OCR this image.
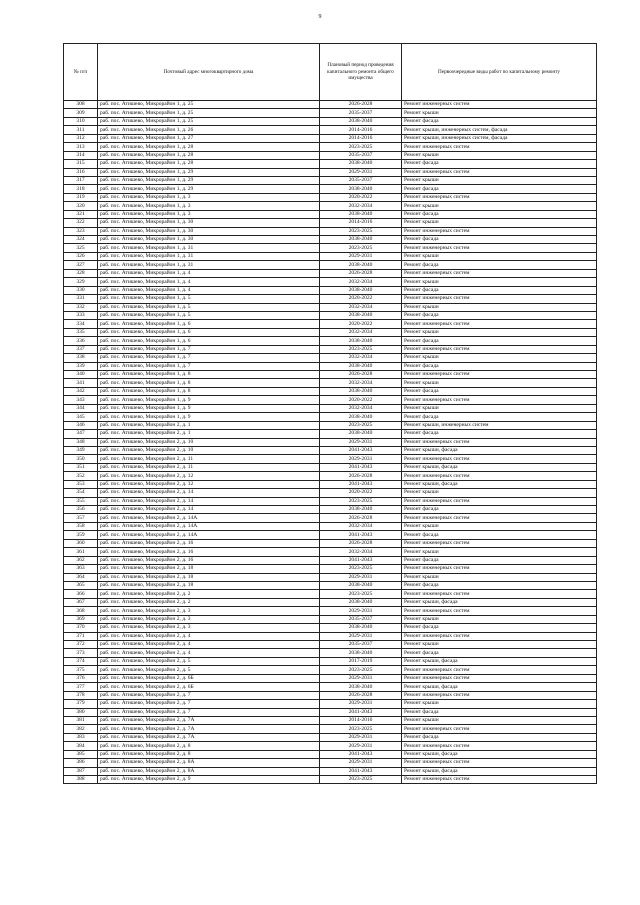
9
№ п/п	Почтовый адрес многоквартирного дома	Плановый период проведения капитального ремонта общего имущества	Первоочередные виды работ по капитальному ремонту
308	раб. пос. Атишево, Микрорайон 1, д. 25	2026-2028	Ремонт инженерных систем
309	раб. пос. Атишево, Микрорайон 1, д. 25	2035-2037	Ремонт крыши
310	раб. пос. Атишево, Микрорайон 1, д. 25	2038-2040	Ремонт фасада
311	раб. пос. Атишево, Микрорайон 1, д. 26	2014-2016	Ремонт крыши, инженерных систем, фасада
312	раб. пос. Атишево, Микрорайон 1, д. 27	2014-2016	Ремонт крыши, инженерных систем, фасада
313	раб. пос. Атишево, Микрорайон 1, д. 28	2023-2025	Ремонт инженерных систем
314	раб. пос. Атишево, Микрорайон 1, д. 28	2035-2037	Ремонт крыши
315	раб. пос. Атишево, Микрорайон 1, д. 28	2038-2040	Ремонт фасада
316	раб. пос. Атишево, Микрорайон 1, д. 29	2029-2031	Ремонт инженерных систем
317	раб. пос. Атишево, Микрорайон 1, д. 29	2035-2037	Ремонт крыши
318	раб. пос. Атишево, Микрорайон 1, д. 29	2038-2040	Ремонт фасада
319	раб. пос. Атишево, Микрорайон 1, д. 3	2020-2022	Ремонт инженерных систем
320	раб. пос. Атишево, Микрорайон 1, д. 3	2032-2034	Ремонт крыши
321	раб. пос. Атишево, Микрорайон 1, д. 3	2038-2040	Ремонт фасада
322	раб. пос. Атишево, Микрорайон 1, д. 30	2014-2016	Ремонт крыши
323	раб. пос. Атишево, Микрорайон 1, д. 30	2023-2025	Ремонт инженерных систем
324	раб. пос. Атишево, Микрорайон 1, д. 30	2038-2040	Ремонт фасада
325	раб. пос. Атишево, Микрорайон 1, д. 31	2023-2025	Ремонт инженерных систем
326	раб. пос. Атишево, Микрорайон 1, д. 31	2029-2031	Ремонт крыши
327	раб. пос. Атишево, Микрорайон 1, д. 31	2038-2040	Ремонт фасада
328	раб. пос. Атишево, Микрорайон 1, д. 4	2026-2028	Ремонт инженерных систем
329	раб. пос. Атишево, Микрорайон 1, д. 4	2032-2034	Ремонт крыши
330	раб. пос. Атишево, Микрорайон 1, д. 4	2038-2040	Ремонт фасада
331	раб. пос. Атишево, Микрорайон 1, д. 5	2020-2022	Ремонт инженерных систем
332	раб. пос. Атишево, Микрорайон 1, д. 5	2032-2034	Ремонт крыши
333	раб. пос. Атишево, Микрорайон 1, д. 5	2038-2040	Ремонт фасада
334	раб. пос. Атишево, Микрорайон 1, д. 6	2020-2022	Ремонт инженерных систем
335	раб. пос. Атишево, Микрорайон 1, д. 6	2032-2034	Ремонт крыши
336	раб. пос. Атишево, Микрорайон 1, д. 6	2038-2040	Ремонт фасада
337	раб. пос. Атишево, Микрорайон 1, д. 7	2023-2025	Ремонт инженерных систем
338	раб. пос. Атишево, Микрорайон 1, д. 7	2032-2034	Ремонт крыши
339	раб. пос. Атишево, Микрорайон 1, д. 7	2038-2040	Ремонт фасада
340	раб. пос. Атишево, Микрорайон 1, д. 8	2026-2028	Ремонт инженерных систем
341	раб. пос. Атишево, Микрорайон 1, д. 8	2032-2034	Ремонт крыши
342	раб. пос. Атишево, Микрорайон 1, д. 8	2038-2040	Ремонт фасада
343	раб. пос. Атишево, Микрорайон 1, д. 9	2020-2022	Ремонт инженерных систем
344	раб. пос. Атишево, Микрорайон 1, д. 9	2032-2034	Ремонт крыши
345	раб. пос. Атишево, Микрорайон 1, д. 9	2038-2040	Ремонт фасада
346	раб. пос. Атишево, Микрорайон 2, д. 1	2023-2025	Ремонт крыши, инженерных систем
347	раб. пос. Атишево, Микрорайон 2, д. 1	2038-2040	Ремонт фасада
348	раб. пос. Атишево, Микрорайон 2, д. 10	2029-2031	Ремонт инженерных систем
349	раб. пос. Атишево, Микрорайон 2, д. 10	2041-2043	Ремонт крыши, фасада
350	раб. пос. Атишево, Микрорайон 2, д. 11	2029-2031	Ремонт инженерных систем
351	раб. пос. Атишево, Микрорайон 2, д. 11	2041-2043	Ремонт крыши, фасада
352	раб. пос. Атишево, Микрорайон 2, д. 12	2026-2028	Ремонт инженерных систем
353	раб. пос. Атишево, Микрорайон 2, д. 12	2041-2043	Ремонт крыши, фасада
354	раб. пос. Атишево, Микрорайон 2, д. 14	2020-2022	Ремонт крыши
355	раб. пос. Атишево, Микрорайон 2, д. 14	2023-2025	Ремонт инженерных систем
356	раб. пос. Атишево, Микрорайон 2, д. 14	2038-2040	Ремонт фасада
357	раб. пос. Атишево, Микрорайон 2, д. 14А	2026-2028	Ремонт инженерных систем
358	раб. пос. Атишево, Микрорайон 2, д. 14А	2032-2034	Ремонт крыши
359	раб. пос. Атишево, Микрорайон 2, д. 14А	2041-2043	Ремонт фасада
360	раб. пос. Атишево, Микрорайон 2, д. 16	2026-2028	Ремонт инженерных систем
361	раб. пос. Атишево, Микрорайон 2, д. 16	2032-2034	Ремонт крыши
362	раб. пос. Атишево, Микрорайон 2, д. 16	2041-2043	Ремонт фасада
363	раб. пос. Атишево, Микрорайон 2, д. 18	2023-2025	Ремонт инженерных систем
364	раб. пос. Атишево, Микрорайон 2, д. 18	2029-2031	Ремонт крыши
365	раб. пос. Атишево, Микрорайон 2, д. 18	2038-2040	Ремонт фасада
366	раб. пос. Атишево, Микрорайон 2, д. 2	2023-2025	Ремонт инженерных систем
367	раб. пос. Атишево, Микрорайон 2, д. 2	2038-2040	Ремонт крыши, фасада
368	раб. пос. Атишево, Микрорайон 2, д. 3	2029-2031	Ремонт инженерных систем
369	раб. пос. Атишево, Микрорайон 2, д. 3	2035-2037	Ремонт крыши
370	раб. пос. Атишево, Микрорайон 2, д. 3	2038-2040	Ремонт фасада
371	раб. пос. Атишево, Микрорайон 2, д. 4	2029-2031	Ремонт инженерных систем
372	раб. пос. Атишево, Микрорайон 2, д. 4	2035-2037	Ремонт крыши
373	раб. пос. Атишево, Микрорайон 2, д. 4	2038-2040	Ремонт фасада
374	раб. пос. Атишево, Микрорайон 2, д. 5	2017-2019	Ремонт крыши, фасада
375	раб. пос. Атишево, Микрорайон 2, д. 5	2023-2025	Ремонт инженерных систем
376	раб. пос. Атишево, Микрорайон 2, д. 6Б	2029-2031	Ремонт инженерных систем
377	раб. пос. Атишево, Микрорайон 2, д. 6Б	2038-2040	Ремонт крыши, фасада
378	раб. пос. Атишево, Микрорайон 2, д. 7	2026-2028	Ремонт инженерных систем
379	раб. пос. Атишево, Микрорайон 2, д. 7	2029-2031	Ремонт крыши
380	раб. пос. Атишево, Микрорайон 2, д. 7	2041-2043	Ремонт фасада
381	раб. пос. Атишево, Микрорайон 2, д. 7А	2014-2016	Ремонт крыши
382	раб. пос. Атишево, Микрорайон 2, д. 7А	2023-2025	Ремонт инженерных систем
383	раб. пос. Атишево, Микрорайон 2, д. 7А	2029-2031	Ремонт фасада
384	раб. пос. Атишево, Микрорайон 2, д. 8	2029-2031	Ремонт инженерных систем
385	раб. пос. Атишево, Микрорайон 2, д. 8	2041-2043	Ремонт крыши, фасада
386	раб. пос. Атишево, Микрорайон 2, д. 8А	2029-2031	Ремонт инженерных систем
387	раб. пос. Атишево, Микрорайон 2, д. 8А	2041-2043	Ремонт крыши, фасада
388	раб. пос. Атишево, Микрорайон 2, д. 9	2023-2025	Ремонт инженерных систем
